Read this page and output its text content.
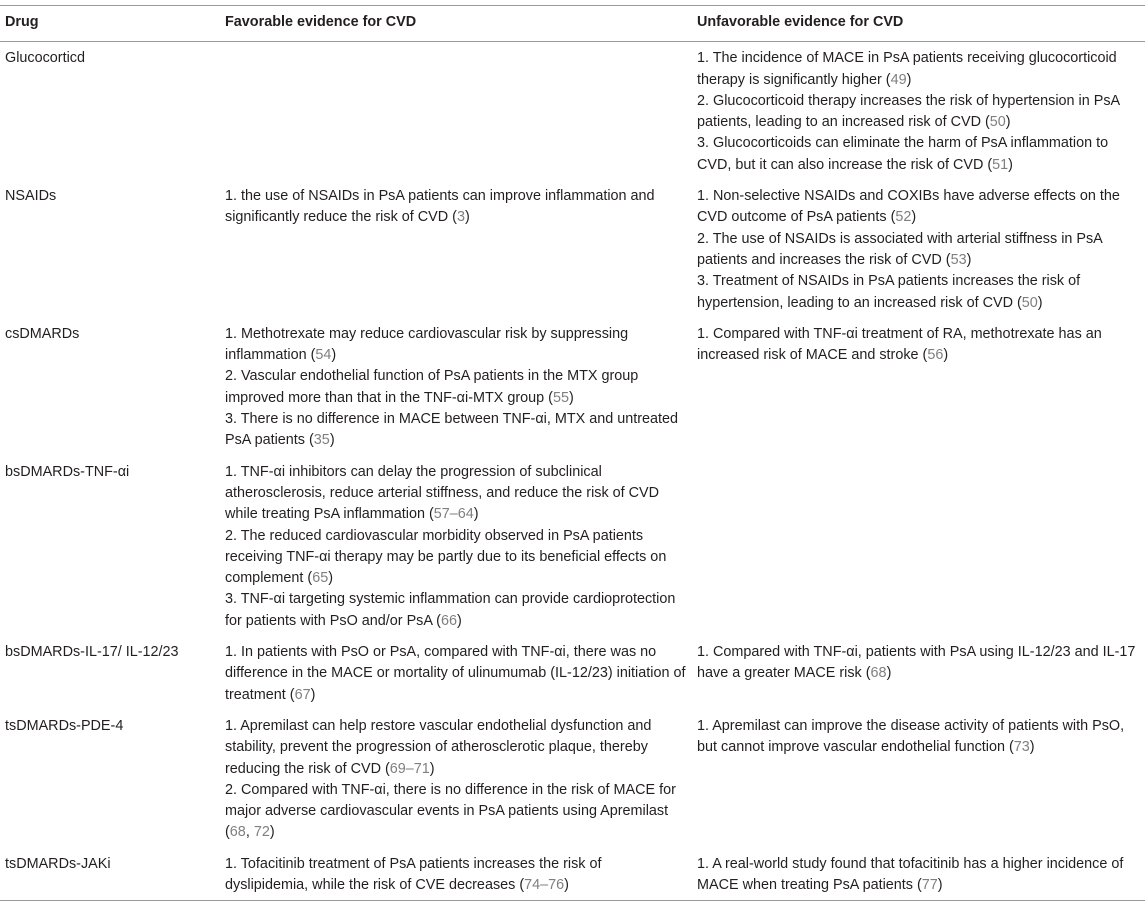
Drug	Favorable evidence for CVD	Unfavorable evidence for CVD
Glucocorticd		1. The incidence of MACE in PsA patients receiving glucocorticoid therapy is significantly higher (49)
2. Glucocorticoid therapy increases the risk of hypertension in PsA patients, leading to an increased risk of CVD (50)
3. Glucocorticoids can eliminate the harm of PsA inflammation to CVD, but it can also increase the risk of CVD (51)

NSAIDs	1. the use of NSAIDs in PsA patients can improve inflammation and significantly reduce the risk of CVD (3)	1. Non-selective NSAIDs and COXIBs have adverse effects on the CVD outcome of PsA patients (52)
2. The use of NSAIDs is associated with arterial stiffness in PsA patients and increases the risk of CVD (53)
3. Treatment of NSAIDs in PsA patients increases the risk of hypertension, leading to an increased risk of CVD (50)

csDMARDs	1. Methotrexate may reduce cardiovascular risk by suppressing inflammation (54)
2. Vascular endothelial function of PsA patients in the MTX group improved more than that in the TNF-αi-MTX group (55)
3. There is no difference in MACE between TNF-αi, MTX and untreated PsA patients (35)	1. Compared with TNF-αi treatment of RA, methotrexate has an increased risk of MACE and stroke (56)

bsDMARDs-TNF-αi	1. TNF-αi inhibitors can delay the progression of subclinical atherosclerosis, reduce arterial stiffness, and reduce the risk of CVD while treating PsA inflammation (57–64)
2. The reduced cardiovascular morbidity observed in PsA patients receiving TNF-αi therapy may be partly due to its beneficial effects on complement (65)
3. TNF-αi targeting systemic inflammation can provide cardioprotection for patients with PsO and/or PsA (66)	

bsDMARDs-IL-17/ IL-12/23	1. In patients with PsO or PsA, compared with TNF-αi, there was no difference in the MACE or mortality of ulinumumab (IL-12/23) initiation of treatment (67)	1. Compared with TNF-αi, patients with PsA using IL-12/23 and IL-17 have a greater MACE risk (68)

tsDMARDs-PDE-4	1. Apremilast can help restore vascular endothelial dysfunction and stability, prevent the progression of atherosclerotic plaque, thereby reducing the risk of CVD (69–71)
2. Compared with TNF-αi, there is no difference in the risk of MACE for major adverse cardiovascular events in PsA patients using Apremilast (68, 72)	1. Apremilast can improve the disease activity of patients with PsO, but cannot improve vascular endothelial function (73)

tsDMARDs-JAKi	1. Tofacitinib treatment of PsA patients increases the risk of dyslipidemia, while the risk of CVE decreases (74–76)	1. A real-world study found that tofacitinib has a higher incidence of MACE when treating PsA patients (77)
